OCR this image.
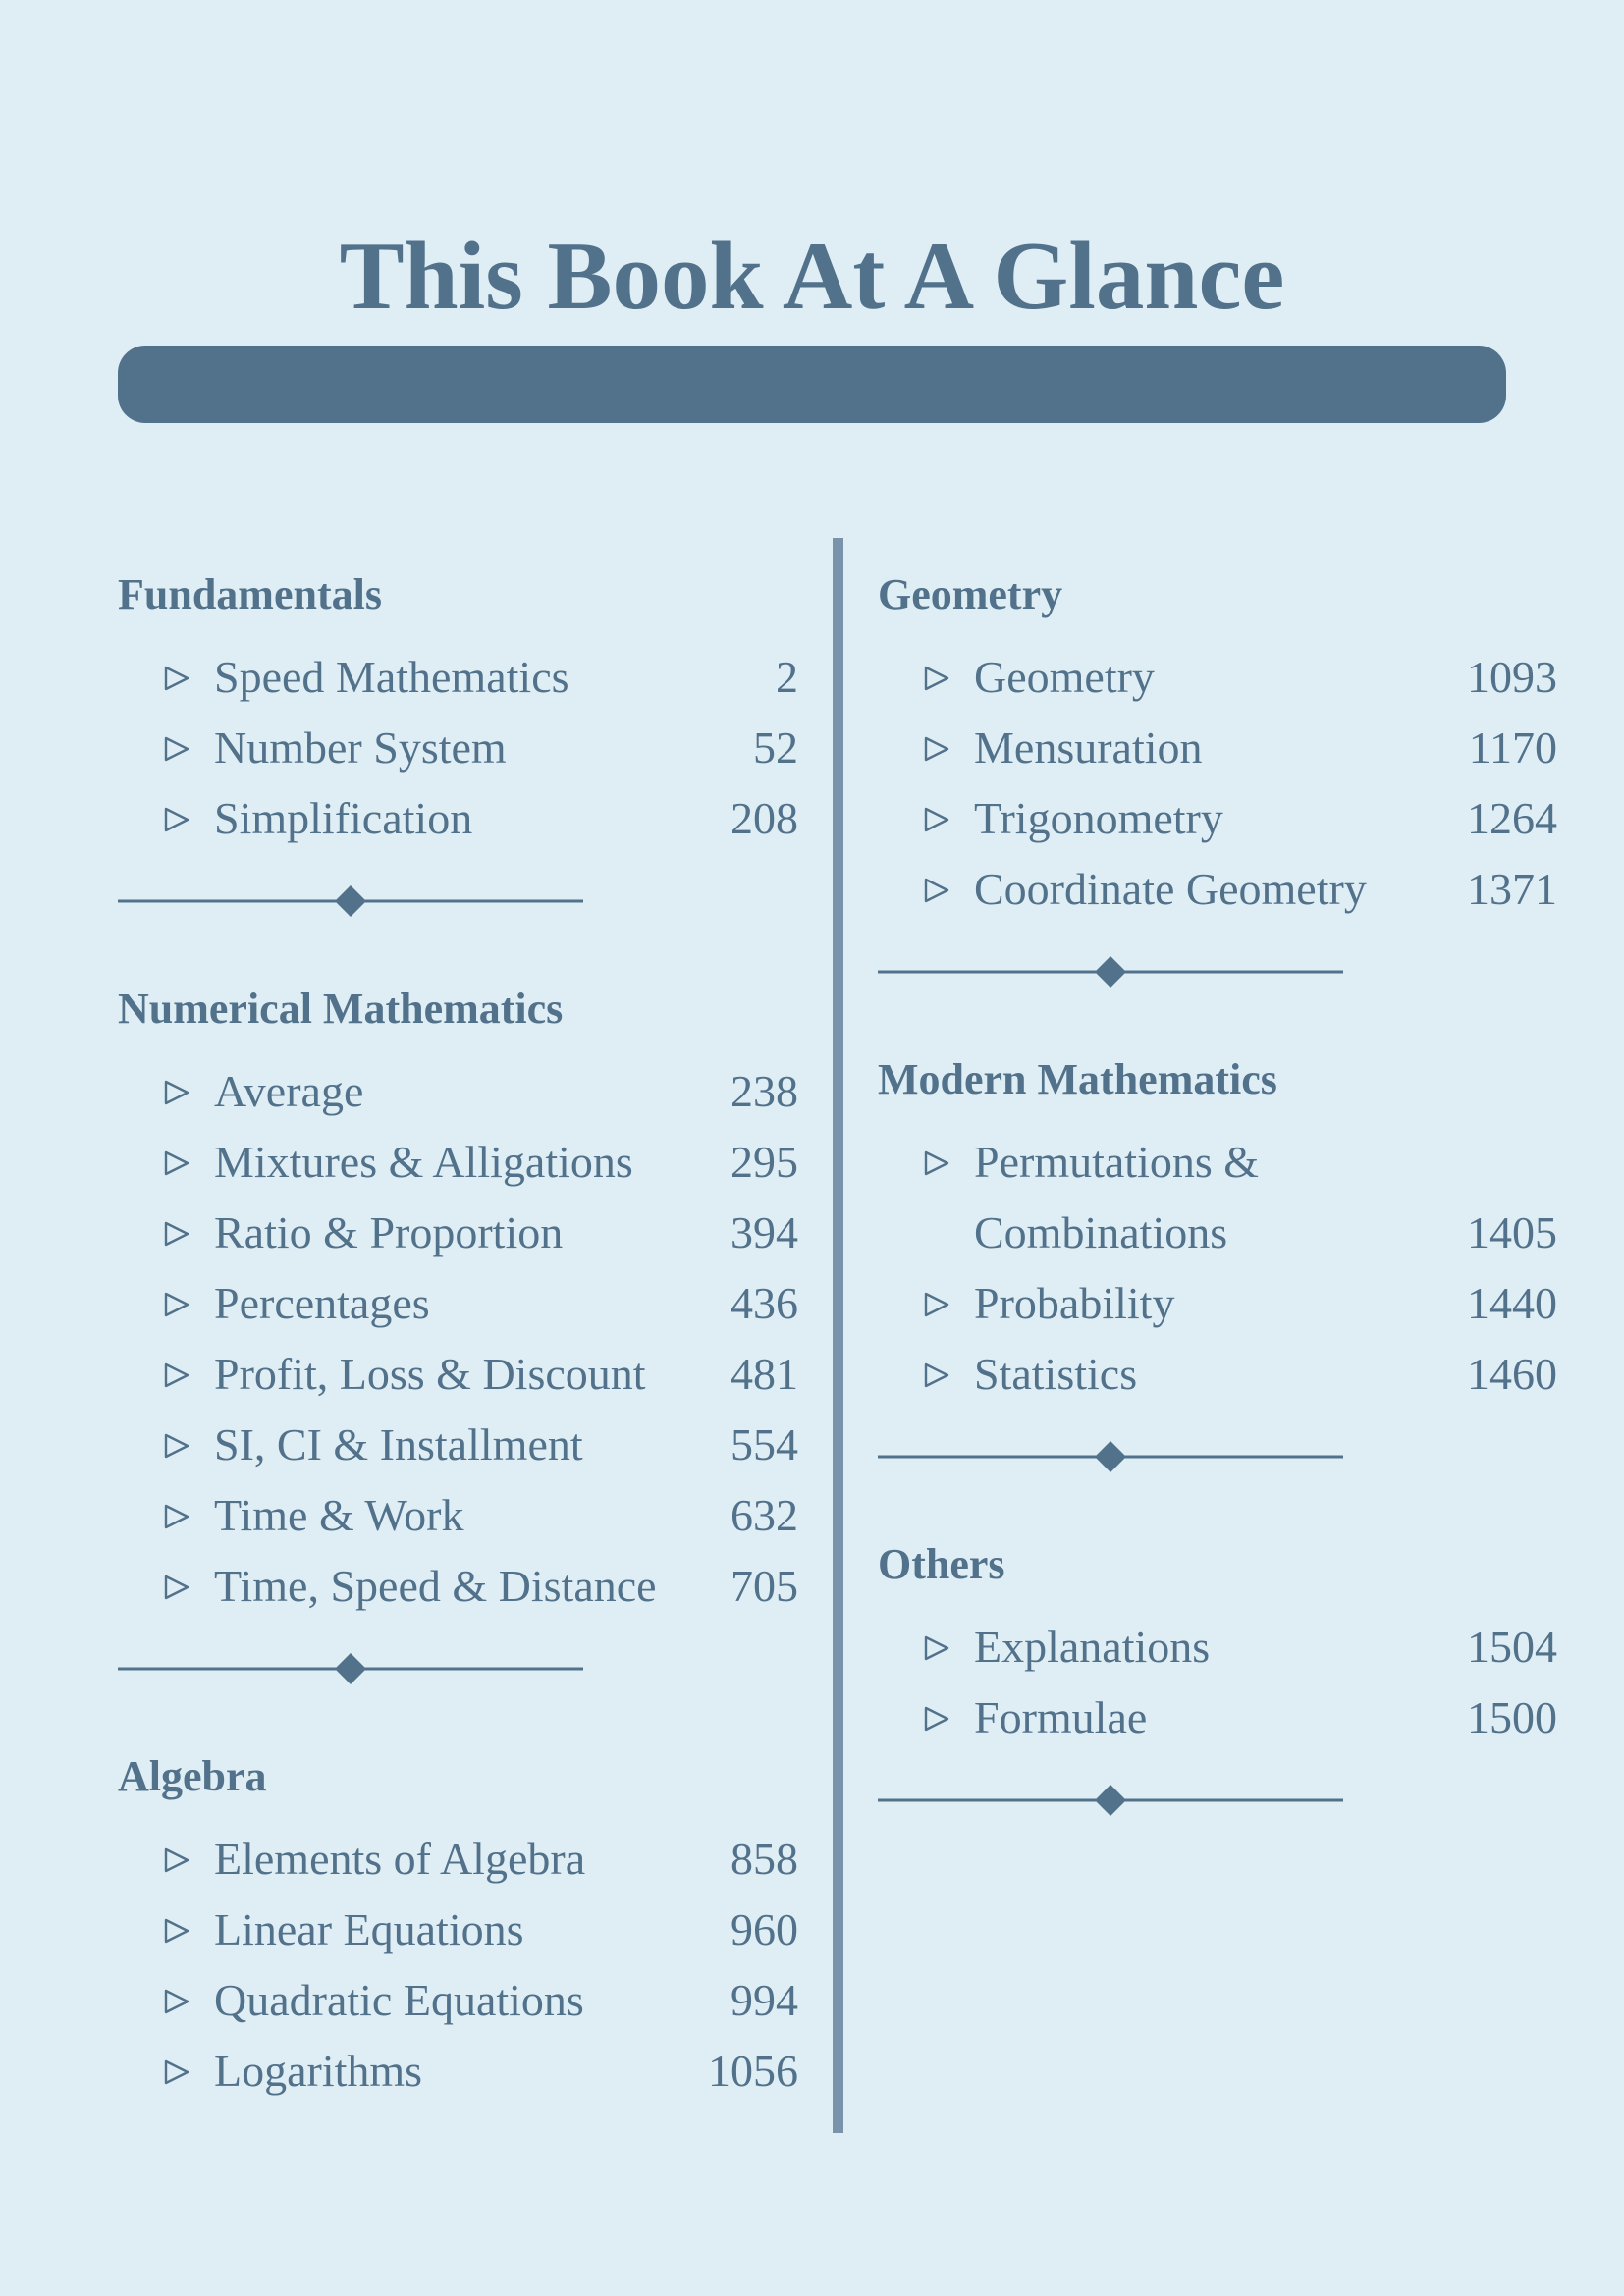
This Book At A Glance
Fundamentals
Speed Mathematics	2
Number System	52
Simplification	208
Numerical Mathematics
Average	238
Mixtures & Alligations 295
Ratio & Proportion	394
Percentages	436
Profit, Loss & Discount 481
SI, CI & Installment	554
Time & Work	632
Time, Speed & Distance 705
Algebra
Elements of Algebra	858
Linear Equations	960
Quadratic Equations	994
Logarithms	1056
Geometry
Geometry	1093
Mensuration	1170
Trigonometry	1264
Coordinate Geometry 1371
Modern Mathematics
Permutations & Combinations	1405
Probability	1440
Statistics	1460
Others
Explanations	1504
Formulae	1500
